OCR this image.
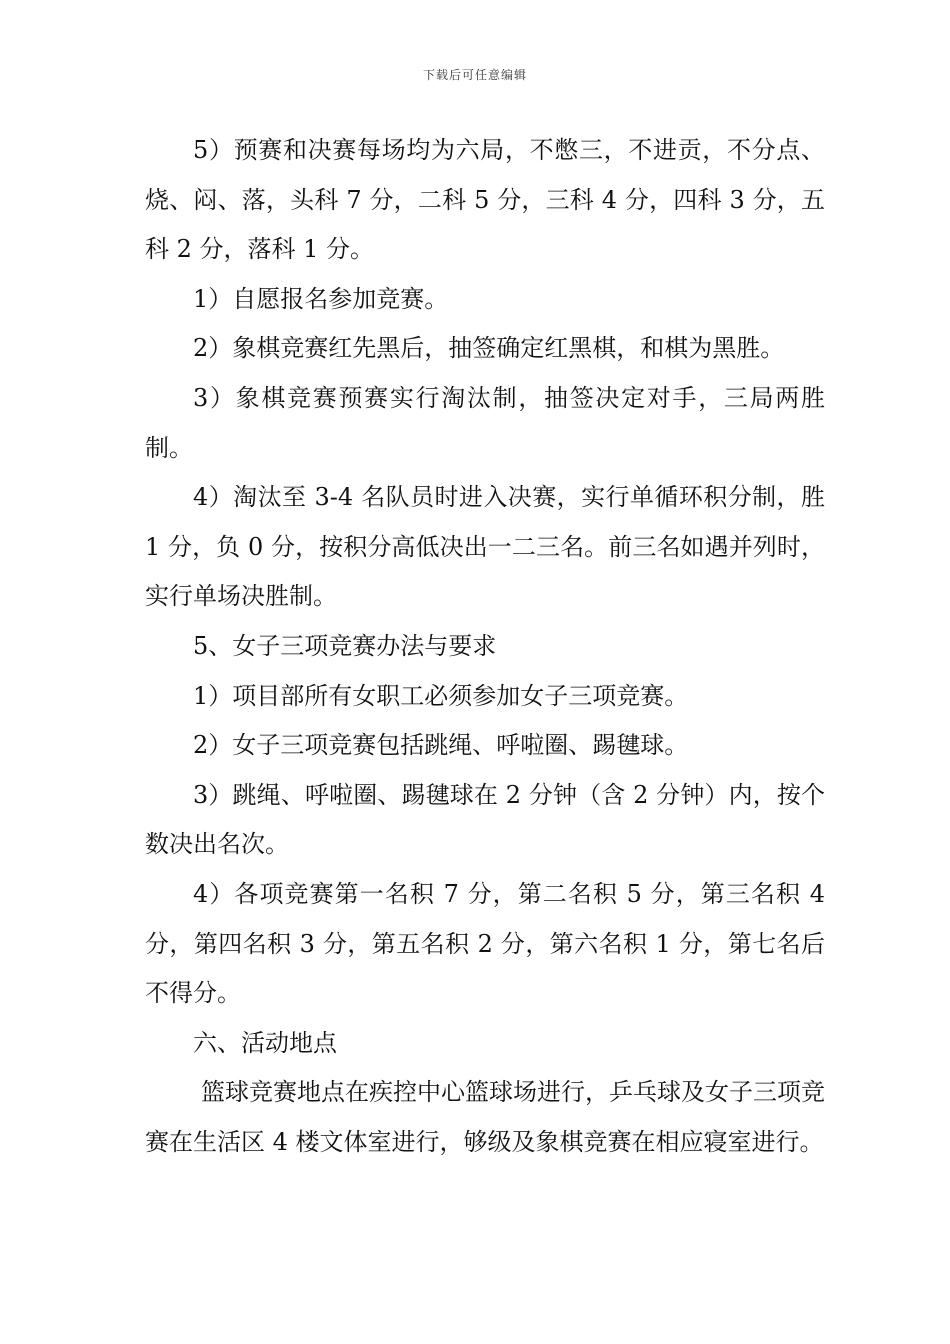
下载后可任意编辑

5）预赛和决赛每场均为六局，不憋三，不进贡，不分点、烧、闷、落，头科 7 分，二科 5 分，三科 4 分，四科 3 分，五科 2 分，落科 1 分。

1）自愿报名参加竞赛。

2）象棋竞赛红先黑后，抽签确定红黑棋，和棋为黑胜。

3）象棋竞赛预赛实行淘汰制，抽签决定对手，三局两胜制。

4）淘汰至 3-4 名队员时进入决赛，实行单循环积分制，胜 1 分，负 0 分，按积分高低决出一二三名。前三名如遇并列时，实行单场决胜制。

5、女子三项竞赛办法与要求

1）项目部所有女职工必须参加女子三项竞赛。

2）女子三项竞赛包括跳绳、呼啦圈、踢毽球。

3）跳绳、呼啦圈、踢毽球在 2 分钟（含 2 分钟）内，按个数决出名次。

4）各项竞赛第一名积 7 分，第二名积 5 分，第三名积 4 分，第四名积 3 分，第五名积 2 分，第六名积 1 分，第七名后不得分。

六、活动地点

篮球竞赛地点在疾控中心篮球场进行，乒乓球及女子三项竞赛在生活区 4 楼文体室进行，够级及象棋竞赛在相应寝室进行。
